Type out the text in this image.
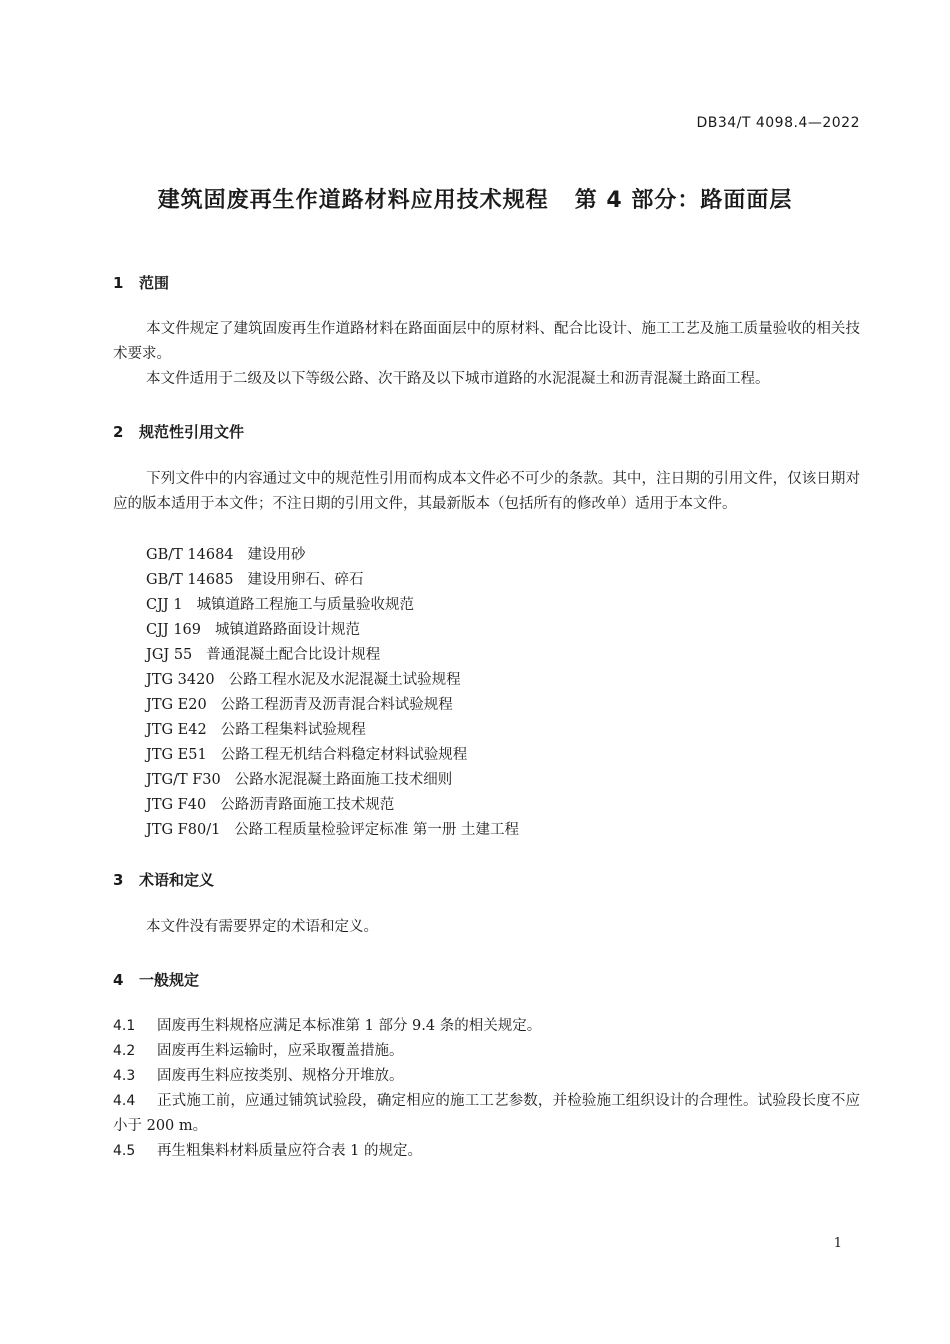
DB34/T 4098.4—2022
建筑固废再生作道路材料应用技术规程 第 4 部分：路面面层
1 范围
本文件规定了建筑固废再生作道路材料在路面面层中的原材料、配合比设计、施工工艺及施工质量验收的相关技术要求。
本文件适用于二级及以下等级公路、次干路及以下城市道路的水泥混凝土和沥青混凝土路面工程。
2 规范性引用文件
下列文件中的内容通过文中的规范性引用而构成本文件必不可少的条款。其中，注日期的引用文件，仅该日期对应的版本适用于本文件；不注日期的引用文件，其最新版本（包括所有的修改单）适用于本文件。
GB/T 14684 建设用砂
GB/T 14685 建设用卵石、碎石
CJJ 1 城镇道路工程施工与质量验收规范
CJJ 169 城镇道路路面设计规范
JGJ 55 普通混凝土配合比设计规程
JTG 3420 公路工程水泥及水泥混凝土试验规程
JTG E20 公路工程沥青及沥青混合料试验规程
JTG E42 公路工程集料试验规程
JTG E51 公路工程无机结合料稳定材料试验规程
JTG/T F30 公路水泥混凝土路面施工技术细则
JTG F40 公路沥青路面施工技术规范
JTG F80/1 公路工程质量检验评定标准 第一册 土建工程
3 术语和定义
本文件没有需要界定的术语和定义。
4 一般规定
4.1 固废再生料规格应满足本标准第 1 部分 9.4 条的相关规定。
4.2 固废再生料运输时，应采取覆盖措施。
4.3 固废再生料应按类别、规格分开堆放。
4.4 正式施工前，应通过铺筑试验段，确定相应的施工工艺参数，并检验施工组织设计的合理性。试验段长度不应小于 200 m。
4.5 再生粗集料材料质量应符合表 1 的规定。
1
